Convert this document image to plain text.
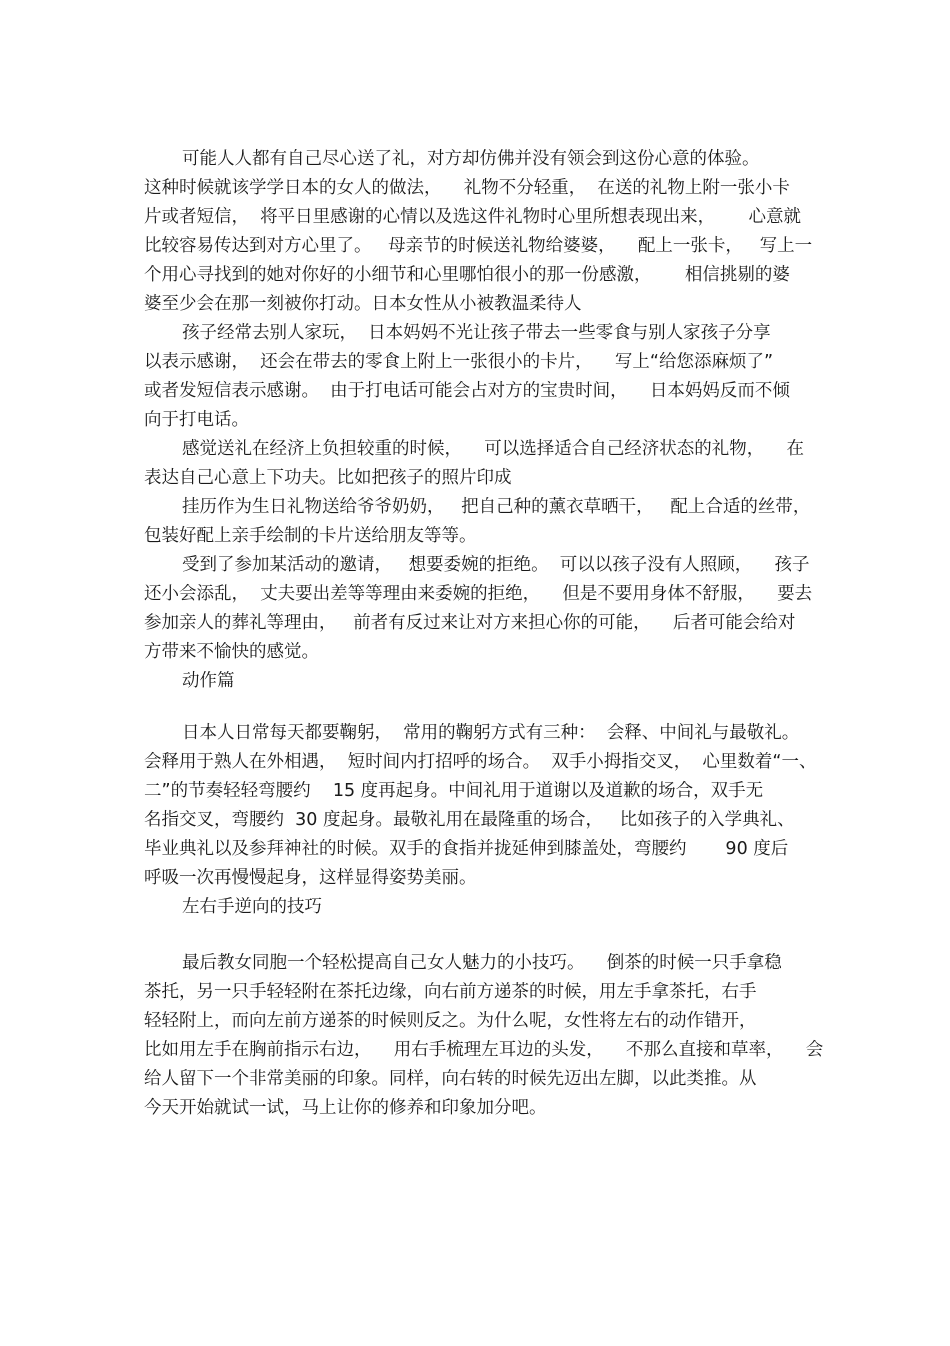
可能人人都有自己尽心送了礼，对方却仿佛并没有领会到这份心意的体验。
这种时候就该学学日本的女人的做法，    礼物不分轻重，  在送的礼物上附一张小卡
片或者短信，  将平日里感谢的心情以及选这件礼物时心里所想表现出来，      心意就
比较容易传达到对方心里了。   母亲节的时候送礼物给婆婆，    配上一张卡，   写上一
个用心寻找到的她对你好的小细节和心里哪怕很小的那一份感激，      相信挑剔的婆
婆至少会在那一刻被你打动。日本女性从小被教温柔待人
孩子经常去别人家玩，  日本妈妈不光让孩子带去一些零食与别人家孩子分享
以表示感谢，  还会在带去的零食上附上一张很小的卡片，    写上“给您添麻烦了”
或者发短信表示感谢。  由于打电话可能会占对方的宝贵时间，    日本妈妈反而不倾
向于打电话。
感觉送礼在经济上负担较重的时候，    可以选择适合自己经济状态的礼物，    在
表达自己心意上下功夫。比如把孩子的照片印成
挂历作为生日礼物送给爷爷奶奶，   把自己种的薰衣草晒干，   配上合适的丝带，
包装好配上亲手绘制的卡片送给朋友等等。
受到了参加某活动的邀请，   想要委婉的拒绝。  可以以孩子没有人照顾，    孩子
还小会添乱，  丈夫要出差等等理由来委婉的拒绝，    但是不要用身体不舒服，    要去
参加亲人的葬礼等理由，   前者有反过来让对方来担心你的可能，    后者可能会给对
方带来不愉快的感觉。
动作篇
日本人日常每天都要鞠躬，  常用的鞠躬方式有三种：  会释、中间礼与最敬礼。
会释用于熟人在外相遇，  短时间内打招呼的场合。  双手小拇指交叉，  心里数着“一、
二”的节奏轻轻弯腰约    15 度再起身。中间礼用于道谢以及道歉的场合，双手无
名指交叉，弯腰约  30 度起身。最敬礼用在最隆重的场合，   比如孩子的入学典礼、
毕业典礼以及参拜神社的时候。双手的食指并拢延伸到膝盖处，弯腰约       90 度后
呼吸一次再慢慢起身，这样显得姿势美丽。
左右手逆向的技巧
最后教女同胞一个轻松提高自己女人魅力的小技巧。    倒茶的时候一只手拿稳
茶托，另一只手轻轻附在茶托边缘，向右前方递茶的时候，用左手拿茶托，右手
轻轻附上，而向左前方递茶的时候则反之。为什么呢，女性将左右的动作错开，
比如用左手在胸前指示右边，    用右手梳理左耳边的头发，    不那么直接和草率，    会
给人留下一个非常美丽的印象。同样，向右转的时候先迈出左脚，以此类推。从
今天开始就试一试，马上让你的修养和印象加分吧。
